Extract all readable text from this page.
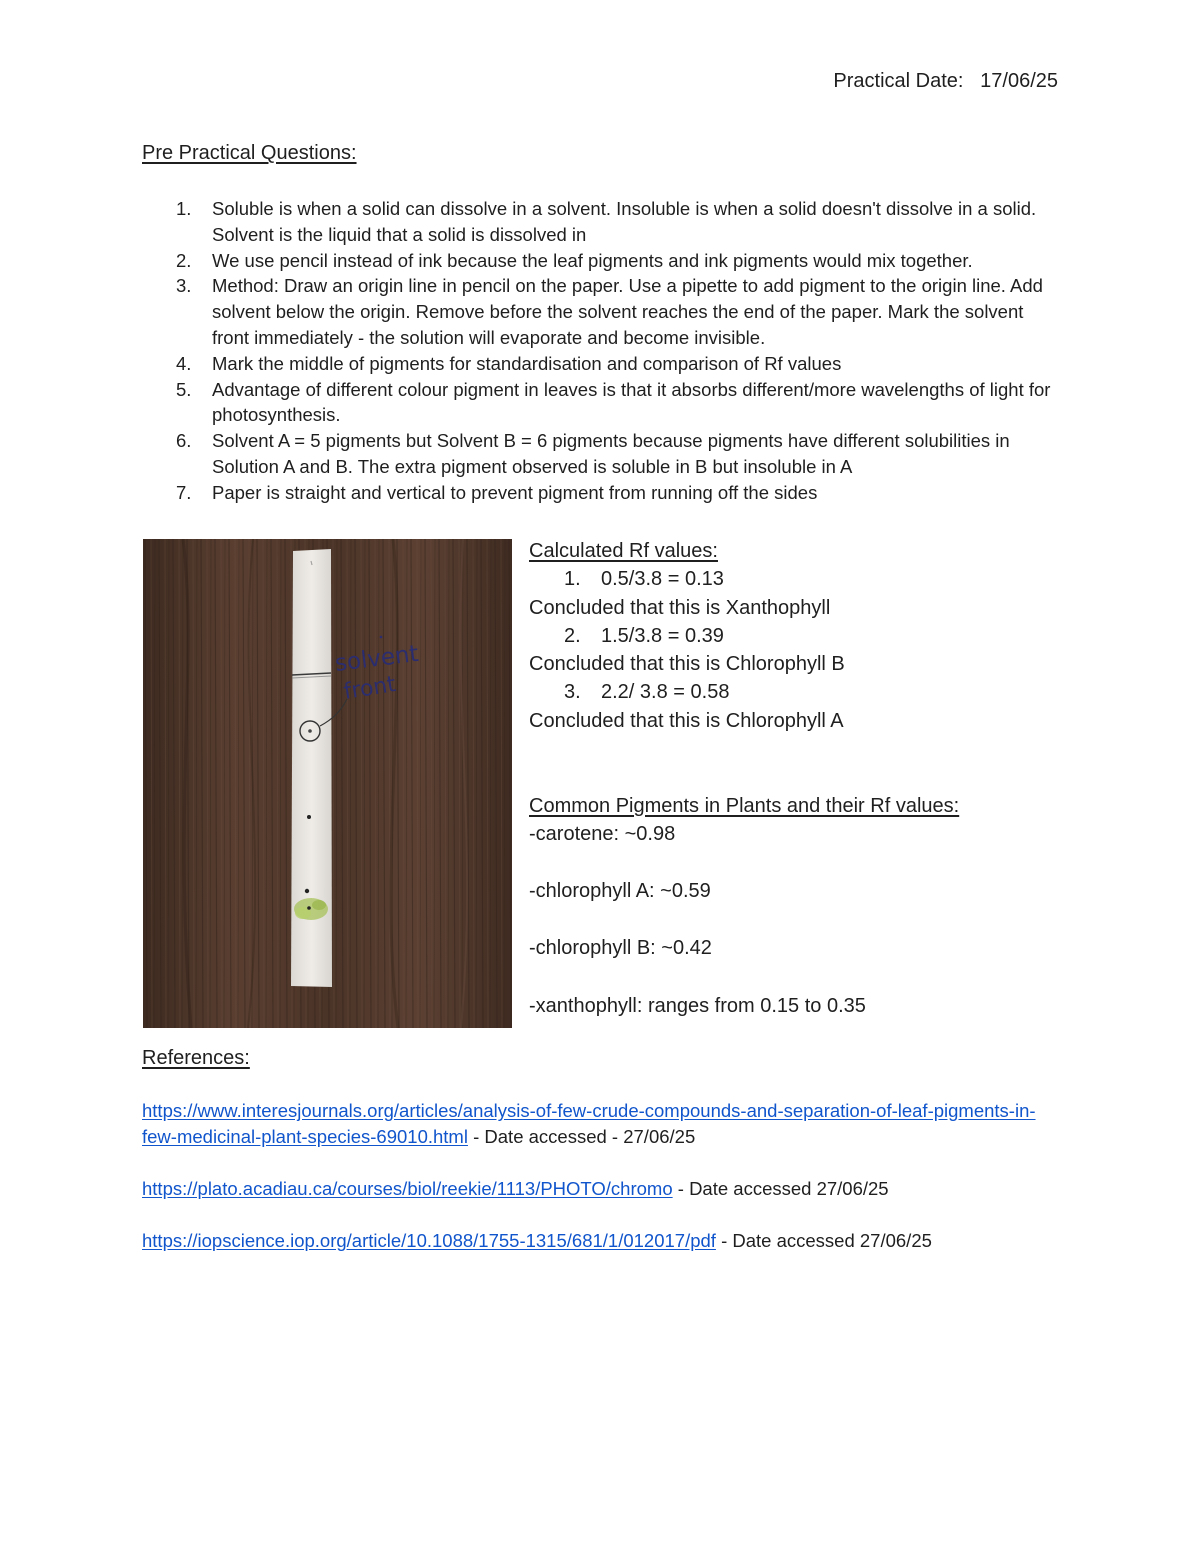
Practical Date:   17/06/25
Pre Practical Questions:
1. Soluble is when a solid can dissolve in a solvent. Insoluble is when a solid doesn't dissolve in a solid. Solvent is the liquid that a solid is dissolved in
2. We use pencil instead of ink because the leaf pigments and ink pigments would mix together.
3. Method: Draw an origin line in pencil on the paper. Use a pipette to add pigment to the origin line. Add solvent below the origin. Remove before the solvent reaches the end of the paper. Mark the solvent front immediately - the solution will evaporate and become invisible.
4. Mark the middle of pigments for standardisation and comparison of Rf values
5. Advantage of different colour pigment in leaves is that it absorbs different/more wavelengths of light for photosynthesis.
6. Solvent A = 5 pigments but Solvent B = 6 pigments because pigments have different solubilities in Solution A and B. The extra pigment observed is soluble in B but insoluble in A
7. Paper is straight and vertical to prevent pigment from running off the sides
solvent
front
Calculated Rf values:
1. 0.5/3.8 = 0.13
Concluded that this is Xanthophyll
2. 1.5/3.8 = 0.39
Concluded that this is Chlorophyll B
3. 2.2/ 3.8 = 0.58
Concluded that this is Chlorophyll A
Common Pigments in Plants and their Rf values:
-carotene: ~0.98
-chlorophyll A: ~0.59
-chlorophyll B: ~0.42
-xanthophyll: ranges from 0.15 to 0.35
References:
https://www.interesjournals.org/articles/analysis-of-few-crude-compounds-and-separation-of-leaf-pigments-in-few-medicinal-plant-species-69010.html - Date accessed - 27/06/25
https://plato.acadiau.ca/courses/biol/reekie/1113/PHOTO/chromo - Date accessed 27/06/25
https://iopscience.iop.org/article/10.1088/1755-1315/681/1/012017/pdf - Date accessed 27/06/25
